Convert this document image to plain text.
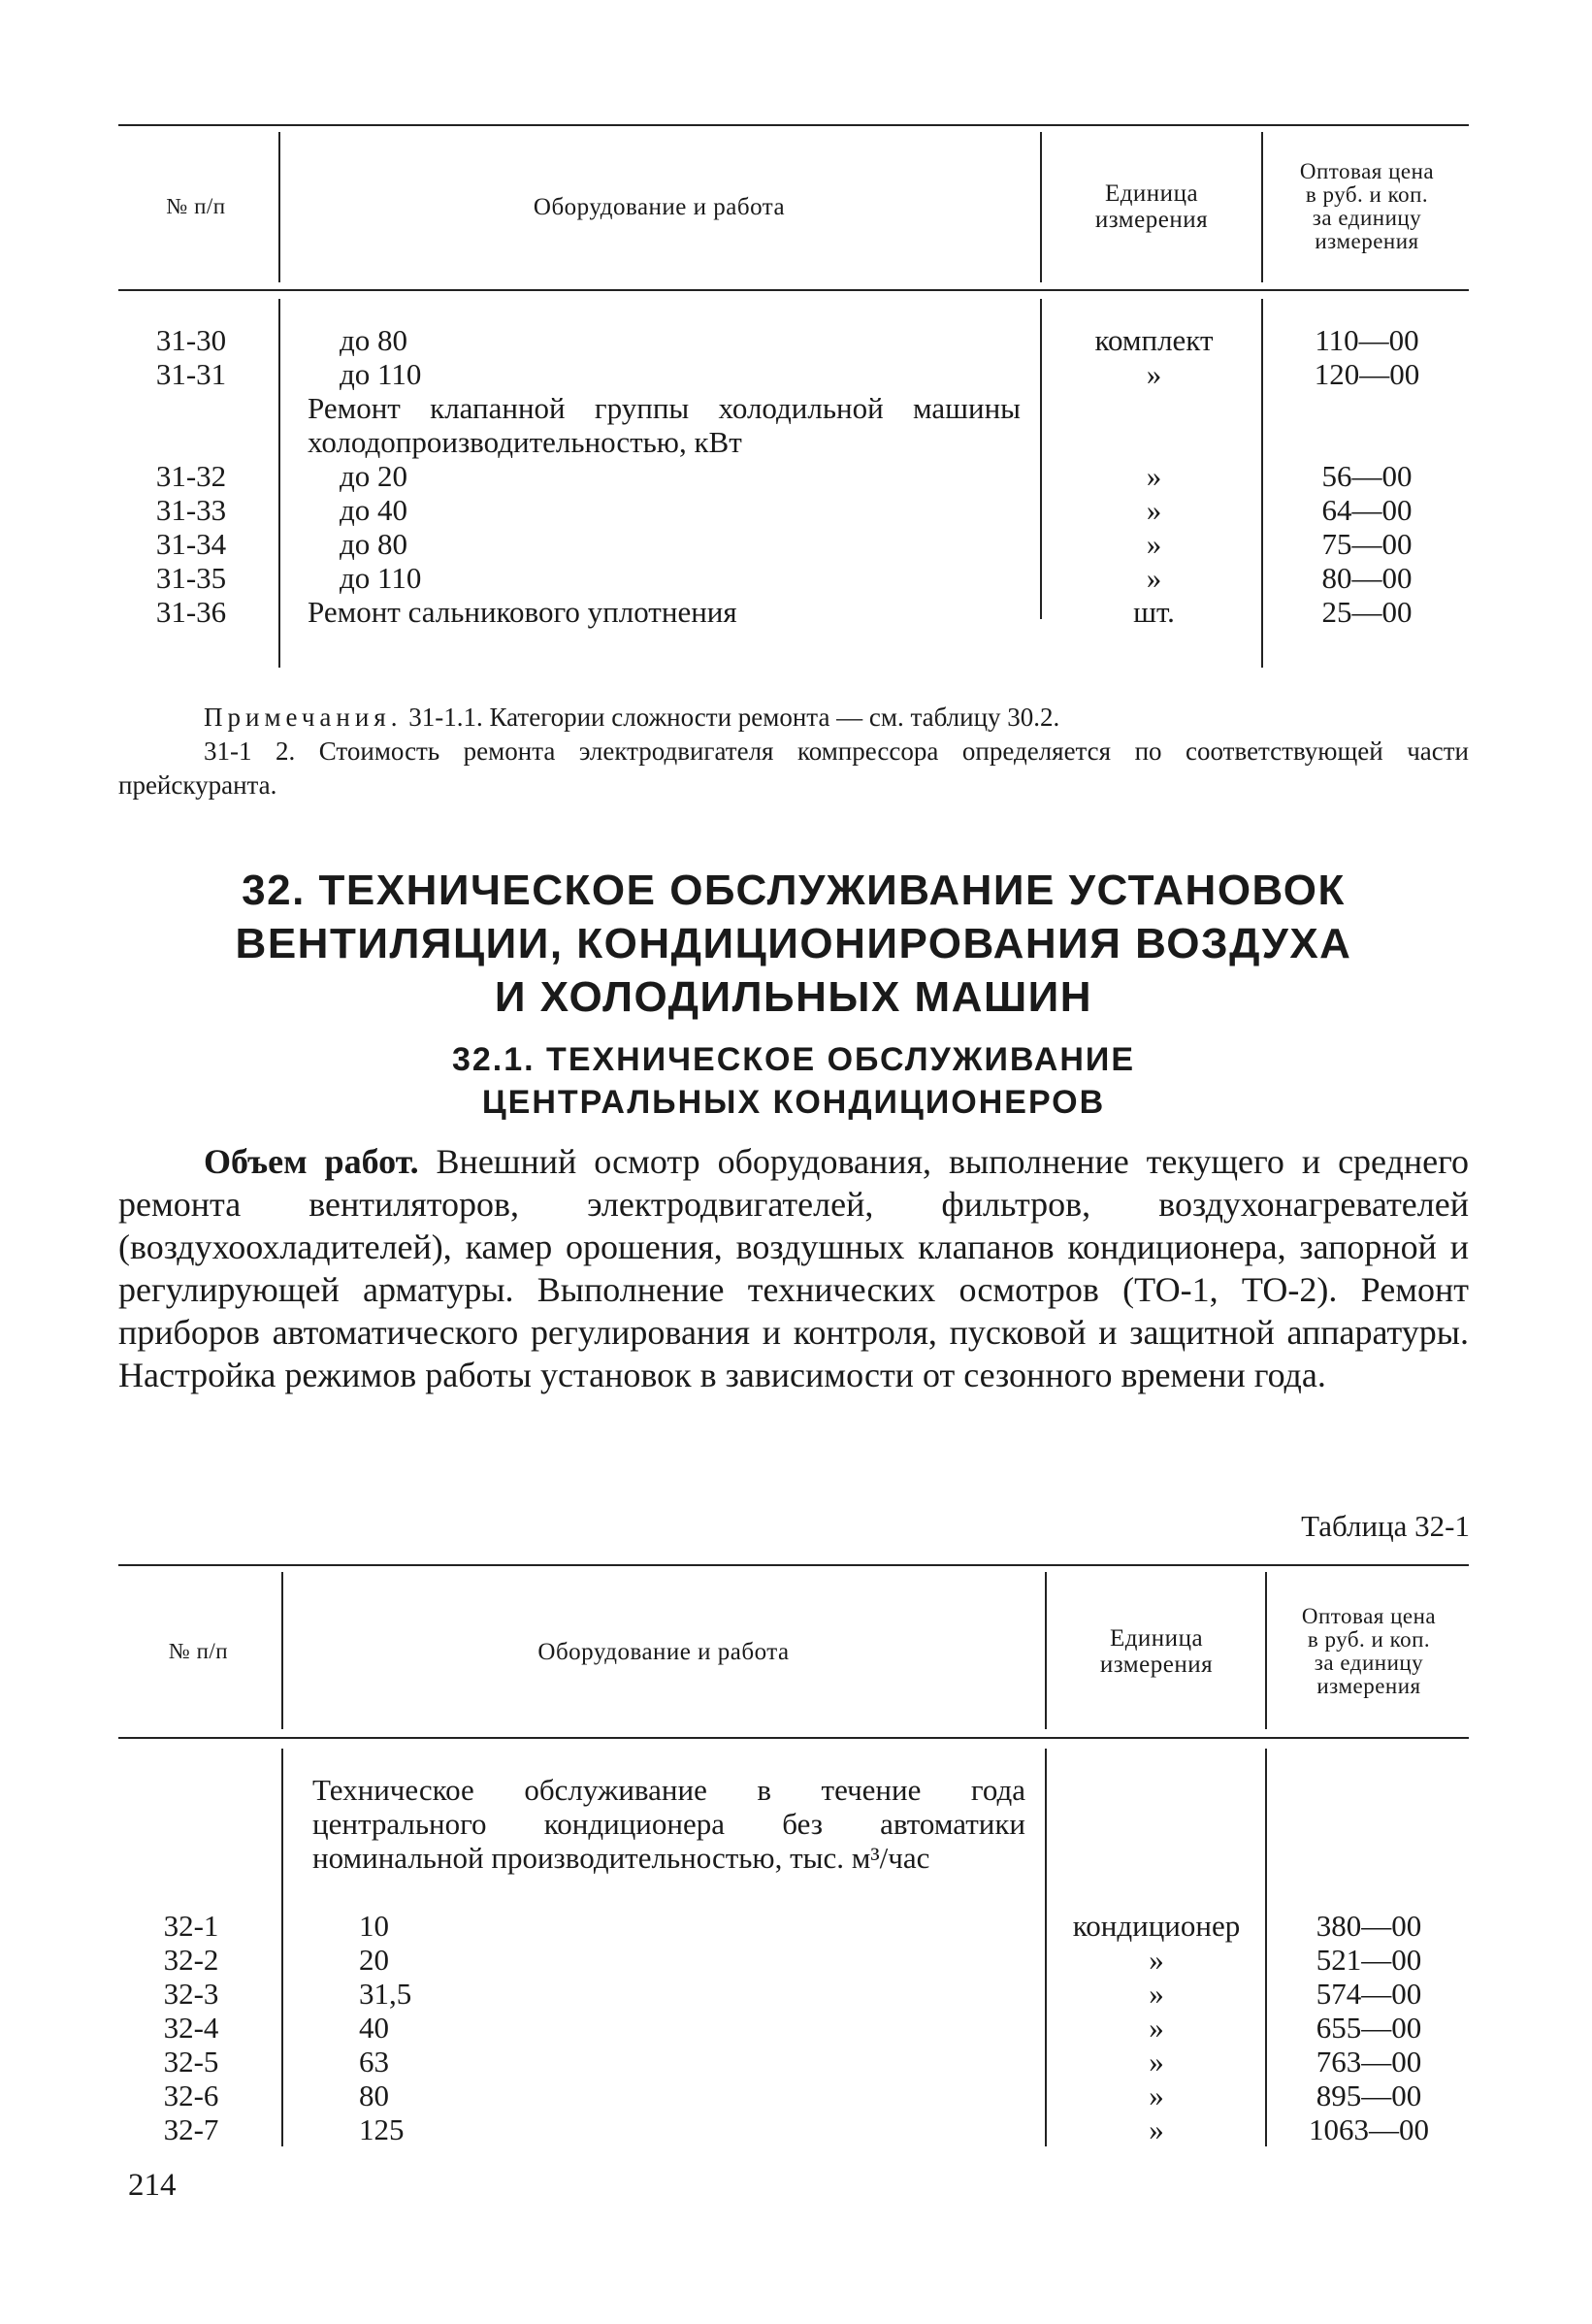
№ п/п	Оборудование и работа	Единица
измерения
Оптовая цена
в руб. и коп.
за единицу
измерения
31-30	до 80	комплект	110—00
31-31	до 110	»	120—00
Ремонт клапанной группы холодильной машины холодопроизводительностью, кВт
31-32	до 20	»	56—00
31-33	до 40	»	64—00
31-34	до 80	»	75—00
31-35	до 110	»	80—00
31-36	Ремонт сальникового уплотнения	шт.	25—00

Примечания. 31-1.1. Категории сложности ремонта — см. таблицу 30.2.

31-1 2. Стоимость ремонта электродвигателя компрессора определяется по соответствующей части прейскуранта.

32. ТЕХНИЧЕСКОЕ ОБСЛУЖИВАНИЕ УСТАНОВОК
ВЕНТИЛЯЦИИ, КОНДИЦИОНИРОВАНИЯ ВОЗДУХА
И ХОЛОДИЛЬНЫХ МАШИН
32.1. ТЕХНИЧЕСКОЕ ОБСЛУЖИВАНИЕ
ЦЕНТРАЛЬНЫХ КОНДИЦИОНЕРОВ
Объем работ. Внешний осмотр оборудования, выполнение текущего и среднего ремонта вентиляторов, электродвигателей, фильтров, воздухонагревателей (воздухоохладителей), камер орошения, воздушных клапанов кондиционера, запорной и регулирующей арматуры. Выполнение технических осмотров (ТО-1, ТО-2). Ремонт приборов автоматического регулирования и контроля, пусковой и защитной аппаратуры. Настройка режимов работы установок в зависимости от сезонного времени года.
Таблица 32-1
№ п/п	Оборудование и работа	Единица
измерения
Оптовая цена
в руб. и коп.
за единицу
измерения
Техническое обслуживание в течение года центрального кондиционера без автоматики номинальной производительностью, тыс. м³/час
32-1	10	кондиционер	380—00
32-2	20	»	521—00
32-3	31,5	»	574—00
32-4	40	»	655—00
32-5	63	»	763—00
32-6	80	»	895—00
32-7	125	»	1063—00
214
